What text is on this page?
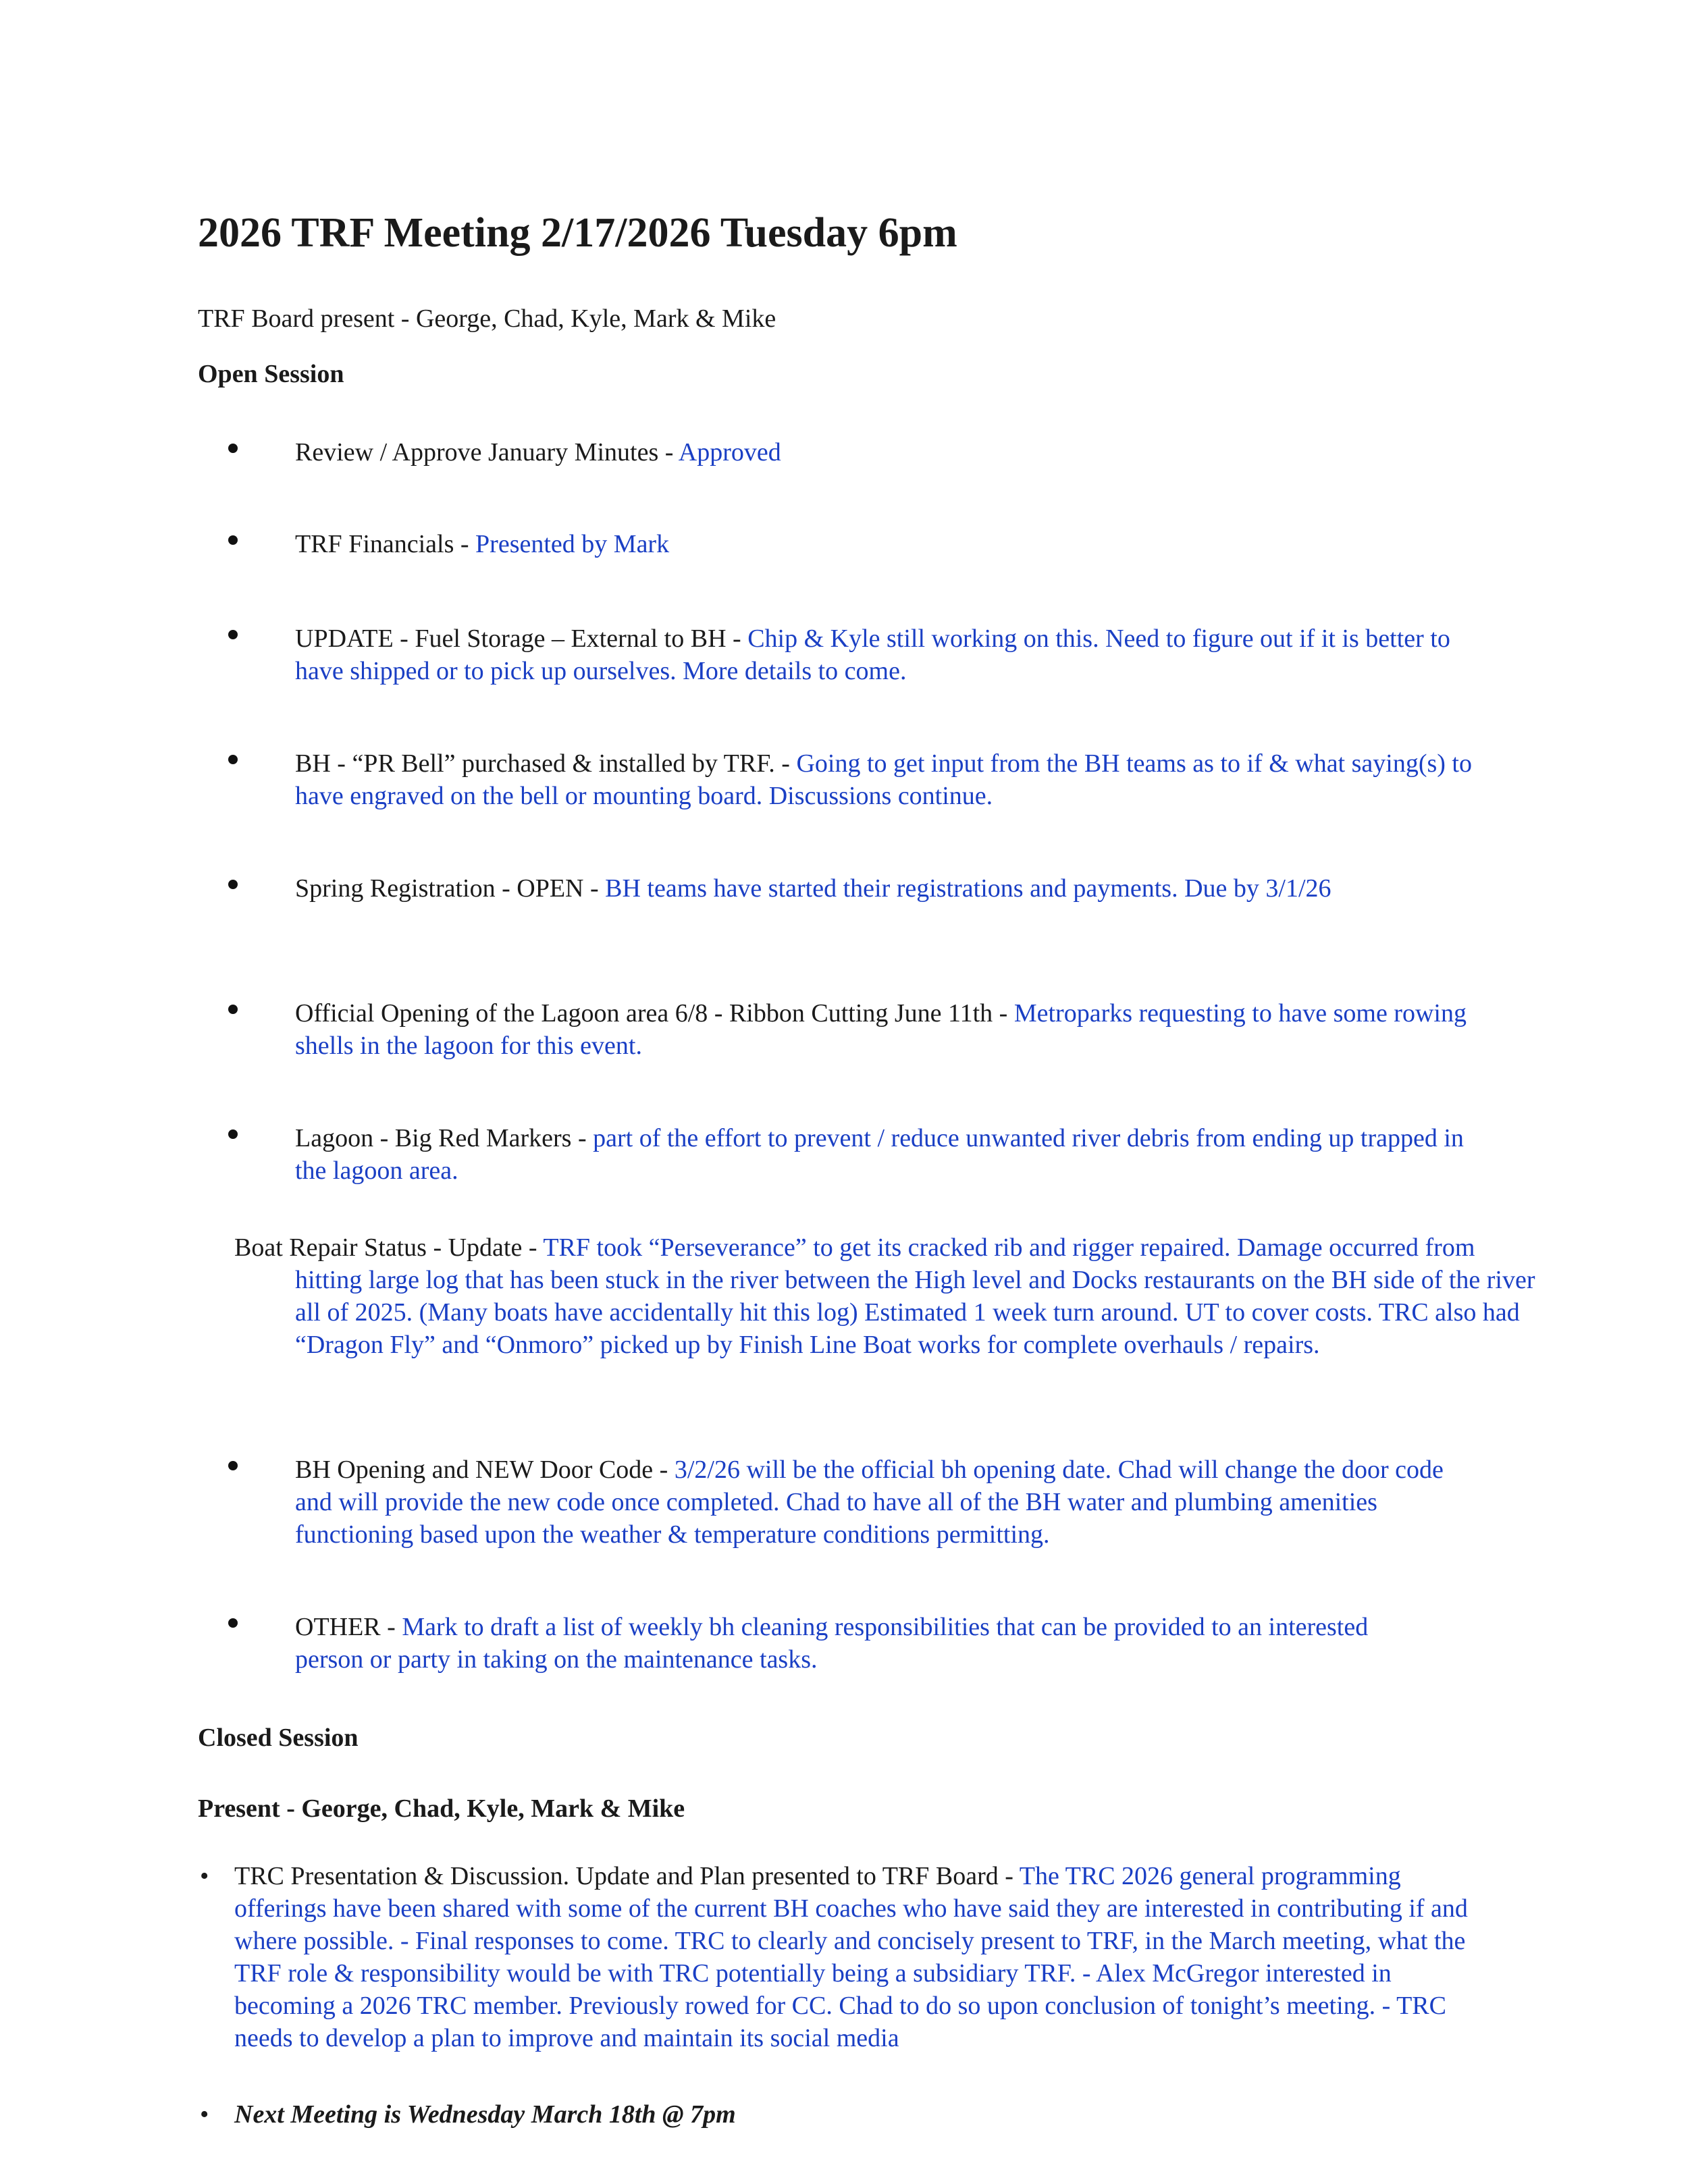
2026 TRF Meeting 2/17/2026 Tuesday 6pm
TRF Board present - George, Chad, Kyle, Mark & Mike
Open Session
Review / Approve January Minutes - Approved
TRF Financials - Presented by Mark
UPDATE - Fuel Storage – External to BH - Chip & Kyle still working on this. Need to figure out if it is better to have shipped or to pick up ourselves. More details to come.
BH - “PR Bell” purchased & installed by TRF. - Going to get input from the BH teams as to if & what saying(s) to have engraved on the bell or mounting board. Discussions continue.
Spring Registration - OPEN - BH teams have started their registrations and payments. Due by 3/1/26
Official Opening of the Lagoon area 6/8 - Ribbon Cutting June 11th - Metroparks requesting to have some rowing shells in the lagoon for this event.
Lagoon - Big Red Markers - part of the effort to prevent / reduce unwanted river debris from ending up trapped in the lagoon area.
Boat Repair Status - Update - TRF took “Perseverance” to get its cracked rib and rigger repaired. Damage occurred from hitting large log that has been stuck in the river between the High level and Docks restaurants on the BH side of the river all of 2025. (Many boats have accidentally hit this log) Estimated 1 week turn around. UT to cover costs. TRC also had “Dragon Fly” and “Onmoro” picked up by Finish Line Boat works for complete overhauls / repairs.
BH Opening and NEW Door Code - 3/2/26 will be the official bh opening date. Chad will change the door code and will provide the new code once completed. Chad to have all of the BH water and plumbing amenities functioning based upon the weather & temperature conditions permitting.
OTHER - Mark to draft a list of weekly bh cleaning responsibilities that can be provided to an interested person or party in taking on the maintenance tasks.
Closed Session
Present - George, Chad, Kyle, Mark & Mike
• TRC Presentation & Discussion. Update and Plan presented to TRF Board - The TRC 2026 general programming offerings have been shared with some of the current BH coaches who have said they are interested in contributing if and where possible. - Final responses to come. TRC to clearly and concisely present to TRF, in the March meeting, what the TRF role & responsibility would be with TRC potentially being a subsidiary TRF. - Alex McGregor interested in becoming a 2026 TRC member. Previously rowed for CC. Chad to do so upon conclusion of tonight’s meeting. - TRC needs to develop a plan to improve and maintain its social media
• Next Meeting is Wednesday March 18th @ 7pm
